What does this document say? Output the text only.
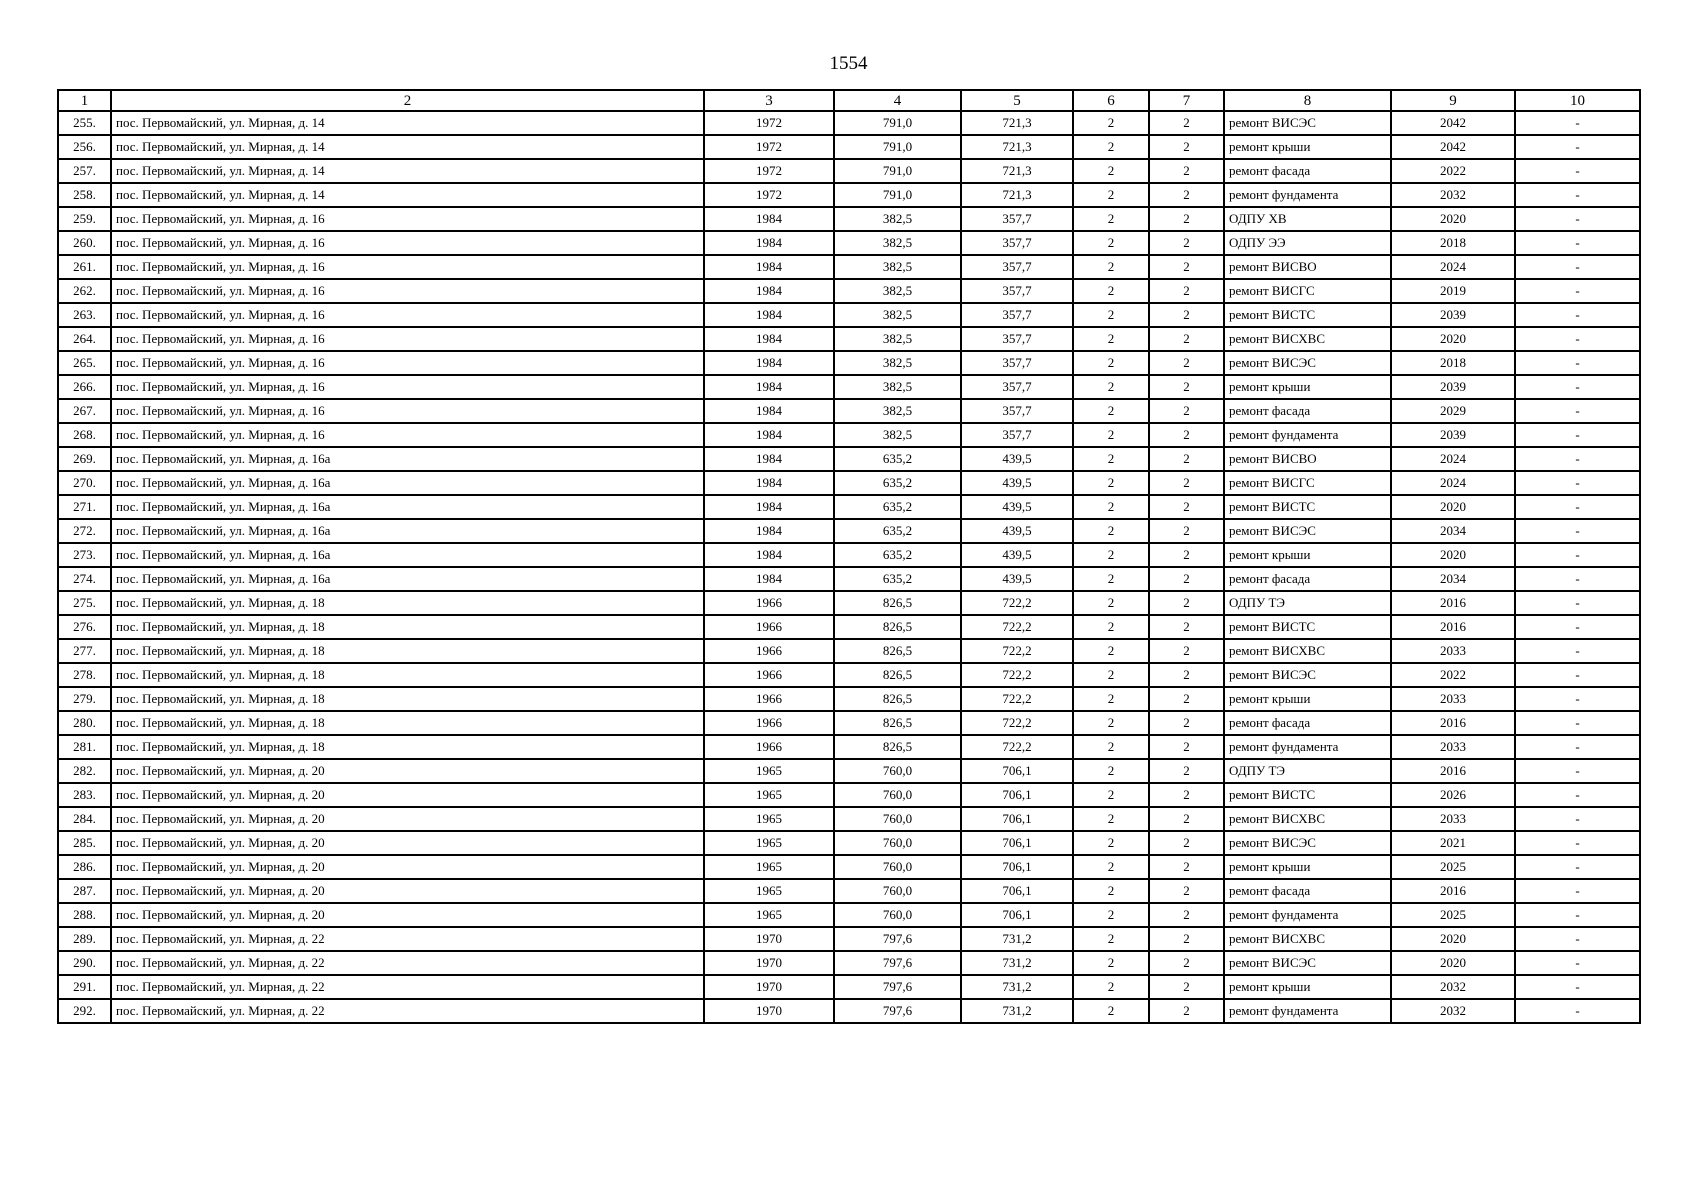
1554
1	2	3	4	5	6	7	8	9	10
255.	пос. Первомайский, ул. Мирная, д. 14	1972	791,0	721,3	2	2	ремонт ВИСЭС	2042	-
256.	пос. Первомайский, ул. Мирная, д. 14	1972	791,0	721,3	2	2	ремонт крыши	2042	-
257.	пос. Первомайский, ул. Мирная, д. 14	1972	791,0	721,3	2	2	ремонт фасада	2022	-
258.	пос. Первомайский, ул. Мирная, д. 14	1972	791,0	721,3	2	2	ремонт фундамента	2032	-
259.	пос. Первомайский, ул. Мирная, д. 16	1984	382,5	357,7	2	2	ОДПУ ХВ	2020	-
260.	пос. Первомайский, ул. Мирная, д. 16	1984	382,5	357,7	2	2	ОДПУ ЭЭ	2018	-
261.	пос. Первомайский, ул. Мирная, д. 16	1984	382,5	357,7	2	2	ремонт ВИСВО	2024	-
262.	пос. Первомайский, ул. Мирная, д. 16	1984	382,5	357,7	2	2	ремонт ВИСГС	2019	-
263.	пос. Первомайский, ул. Мирная, д. 16	1984	382,5	357,7	2	2	ремонт ВИСТС	2039	-
264.	пос. Первомайский, ул. Мирная, д. 16	1984	382,5	357,7	2	2	ремонт ВИСХВС	2020	-
265.	пос. Первомайский, ул. Мирная, д. 16	1984	382,5	357,7	2	2	ремонт ВИСЭС	2018	-
266.	пос. Первомайский, ул. Мирная, д. 16	1984	382,5	357,7	2	2	ремонт крыши	2039	-
267.	пос. Первомайский, ул. Мирная, д. 16	1984	382,5	357,7	2	2	ремонт фасада	2029	-
268.	пос. Первомайский, ул. Мирная, д. 16	1984	382,5	357,7	2	2	ремонт фундамента	2039	-
269.	пос. Первомайский, ул. Мирная, д. 16а	1984	635,2	439,5	2	2	ремонт ВИСВО	2024	-
270.	пос. Первомайский, ул. Мирная, д. 16а	1984	635,2	439,5	2	2	ремонт ВИСГС	2024	-
271.	пос. Первомайский, ул. Мирная, д. 16а	1984	635,2	439,5	2	2	ремонт ВИСТС	2020	-
272.	пос. Первомайский, ул. Мирная, д. 16а	1984	635,2	439,5	2	2	ремонт ВИСЭС	2034	-
273.	пос. Первомайский, ул. Мирная, д. 16а	1984	635,2	439,5	2	2	ремонт крыши	2020	-
274.	пос. Первомайский, ул. Мирная, д. 16а	1984	635,2	439,5	2	2	ремонт фасада	2034	-
275.	пос. Первомайский, ул. Мирная, д. 18	1966	826,5	722,2	2	2	ОДПУ ТЭ	2016	-
276.	пос. Первомайский, ул. Мирная, д. 18	1966	826,5	722,2	2	2	ремонт ВИСТС	2016	-
277.	пос. Первомайский, ул. Мирная, д. 18	1966	826,5	722,2	2	2	ремонт ВИСХВС	2033	-
278.	пос. Первомайский, ул. Мирная, д. 18	1966	826,5	722,2	2	2	ремонт ВИСЭС	2022	-
279.	пос. Первомайский, ул. Мирная, д. 18	1966	826,5	722,2	2	2	ремонт крыши	2033	-
280.	пос. Первомайский, ул. Мирная, д. 18	1966	826,5	722,2	2	2	ремонт фасада	2016	-
281.	пос. Первомайский, ул. Мирная, д. 18	1966	826,5	722,2	2	2	ремонт фундамента	2033	-
282.	пос. Первомайский, ул. Мирная, д. 20	1965	760,0	706,1	2	2	ОДПУ ТЭ	2016	-
283.	пос. Первомайский, ул. Мирная, д. 20	1965	760,0	706,1	2	2	ремонт ВИСТС	2026	-
284.	пос. Первомайский, ул. Мирная, д. 20	1965	760,0	706,1	2	2	ремонт ВИСХВС	2033	-
285.	пос. Первомайский, ул. Мирная, д. 20	1965	760,0	706,1	2	2	ремонт ВИСЭС	2021	-
286.	пос. Первомайский, ул. Мирная, д. 20	1965	760,0	706,1	2	2	ремонт крыши	2025	-
287.	пос. Первомайский, ул. Мирная, д. 20	1965	760,0	706,1	2	2	ремонт фасада	2016	-
288.	пос. Первомайский, ул. Мирная, д. 20	1965	760,0	706,1	2	2	ремонт фундамента	2025	-
289.	пос. Первомайский, ул. Мирная, д. 22	1970	797,6	731,2	2	2	ремонт ВИСХВС	2020	-
290.	пос. Первомайский, ул. Мирная, д. 22	1970	797,6	731,2	2	2	ремонт ВИСЭС	2020	-
291.	пос. Первомайский, ул. Мирная, д. 22	1970	797,6	731,2	2	2	ремонт крыши	2032	-
292.	пос. Первомайский, ул. Мирная, д. 22	1970	797,6	731,2	2	2	ремонт фундамента	2032	-
